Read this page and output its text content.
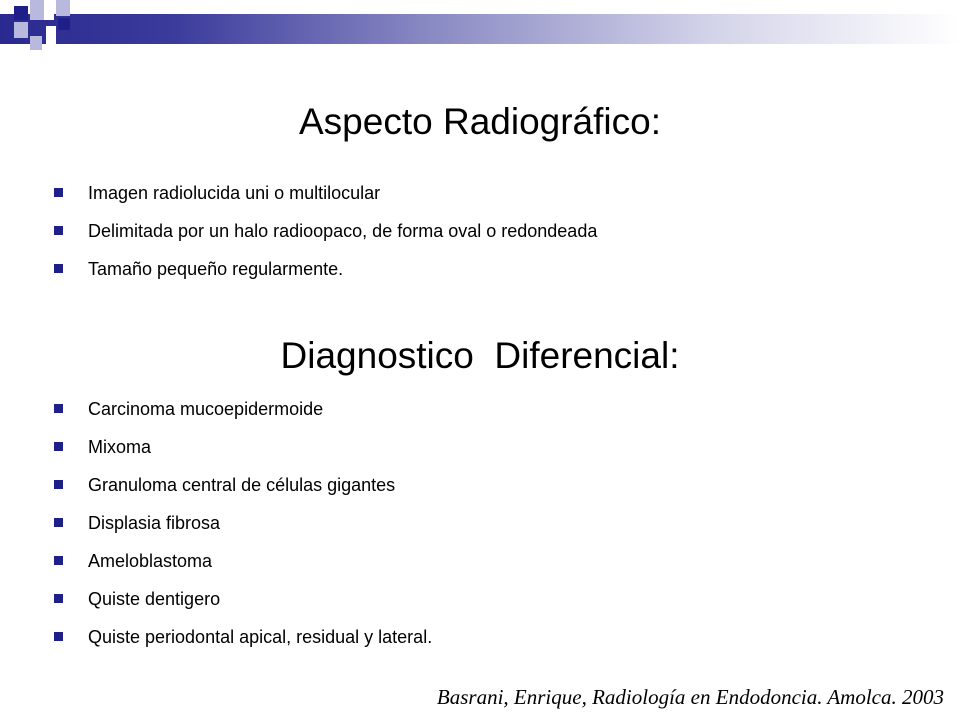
Aspecto Radiográfico:
Imagen radiolucida uni o multilocular
Delimitada por un halo radioopaco, de forma oval o redondeada
Tamaño pequeño regularmente.
Diagnostico  Diferencial:
Carcinoma mucoepidermoide
Mixoma
Granuloma central de células gigantes
Displasia fibrosa
Ameloblastoma
Quiste dentigero
Quiste periodontal apical, residual y lateral.
Basrani, Enrique, Radiología en Endodoncia. Amolca. 2003
